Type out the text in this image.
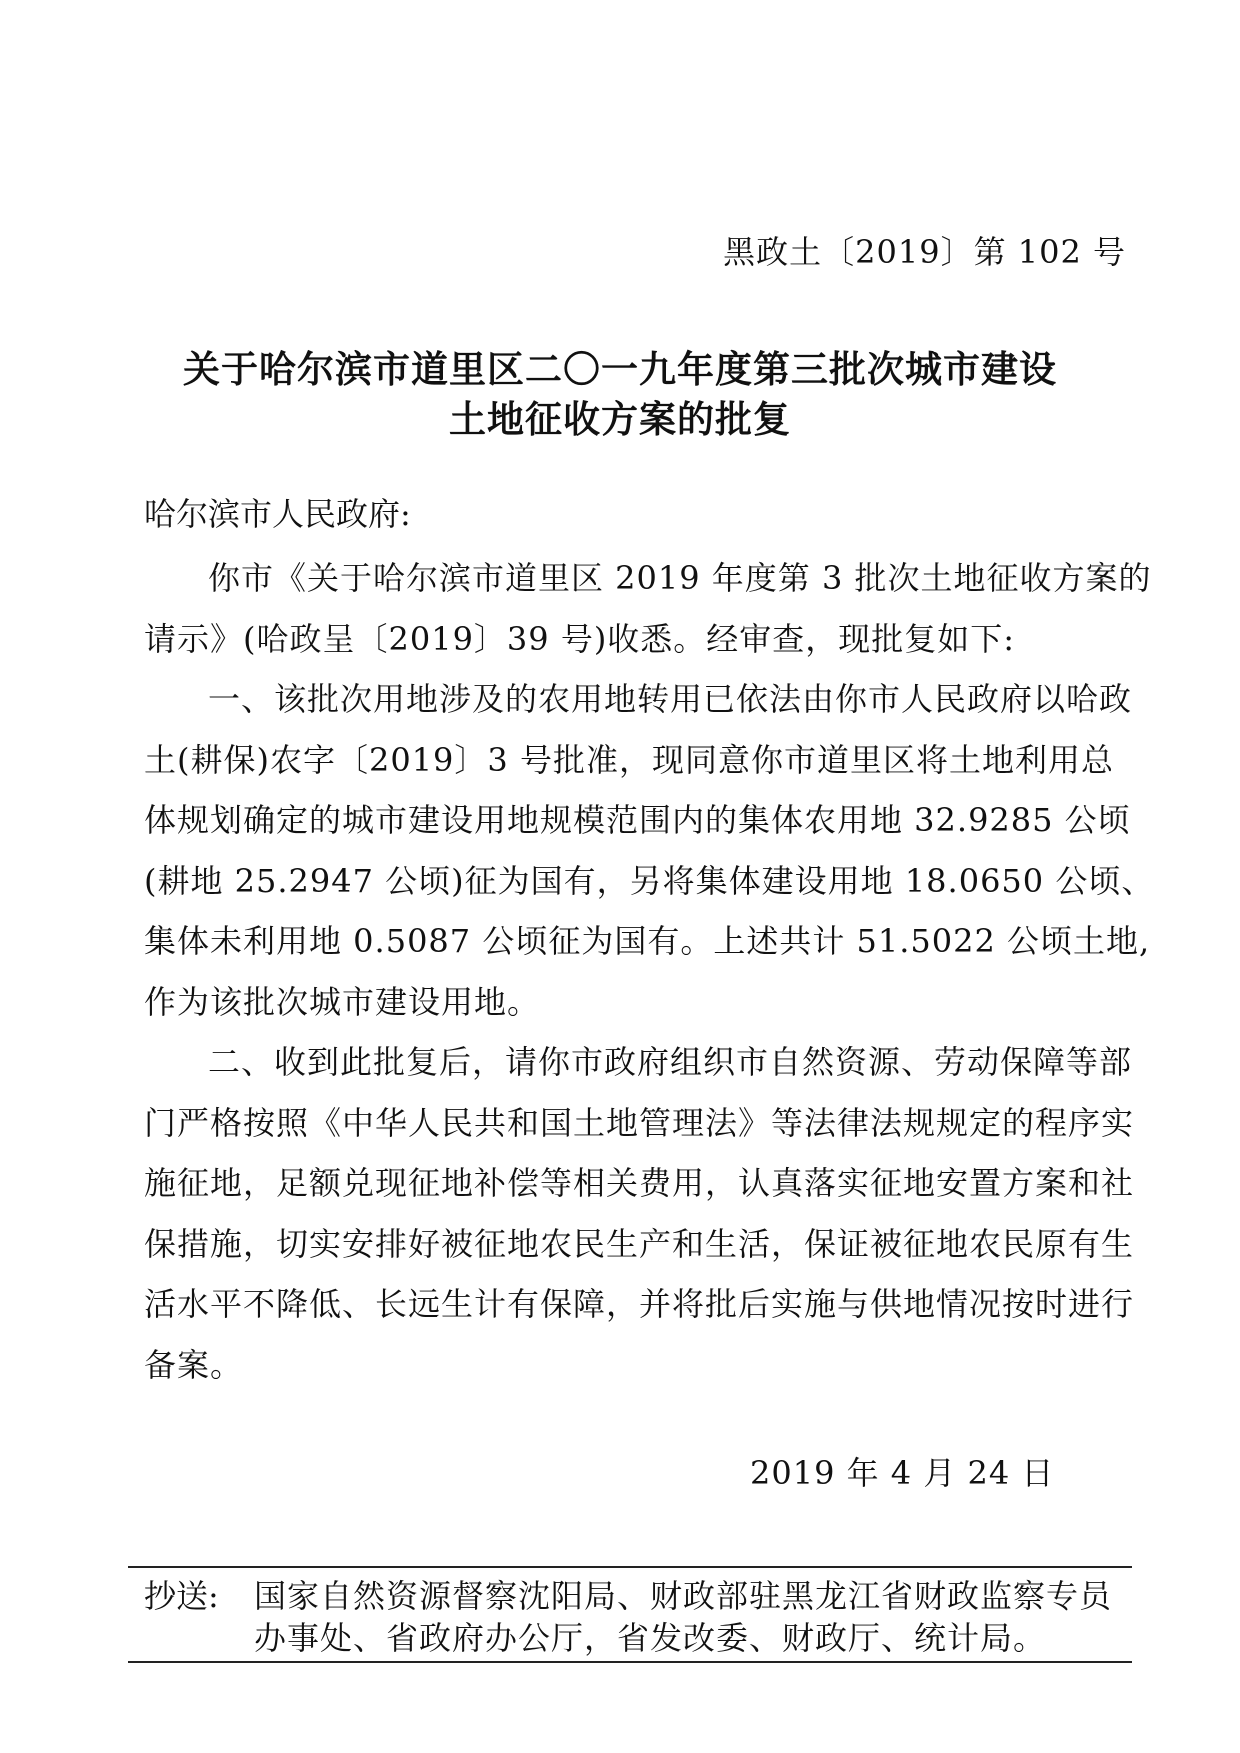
黑政土〔2019〕第 102 号
关于哈尔滨市道里区二〇一九年度第三批次城市建设
土地征收方案的批复
哈尔滨市人民政府:
你市《关于哈尔滨市道里区 2019 年度第 3 批次土地征收方案的
请示》(哈政呈〔2019〕39 号)收悉。经审查，现批复如下:
一、该批次用地涉及的农用地转用已依法由你市人民政府以哈政
土(耕保)农字〔2019〕3 号批准，现同意你市道里区将土地利用总
体规划确定的城市建设用地规模范围内的集体农用地 32.9285 公顷
(耕地 25.2947 公顷)征为国有，另将集体建设用地 18.0650 公顷、
集体未利用地 0.5087 公顷征为国有。上述共计 51.5022 公顷土地,
作为该批次城市建设用地。
二、收到此批复后，请你市政府组织市自然资源、劳动保障等部
门严格按照《中华人民共和国土地管理法》等法律法规规定的程序实
施征地，足额兑现征地补偿等相关费用，认真落实征地安置方案和社
保措施，切实安排好被征地农民生产和生活，保证被征地农民原有生
活水平不降低、长远生计有保障，并将批后实施与供地情况按时进行
备案。
2019 年 4 月 24 日
抄送: 国家自然资源督察沈阳局、财政部驻黑龙江省财政监察专员
办事处、省政府办公厅，省发改委、财政厅、统计局。
